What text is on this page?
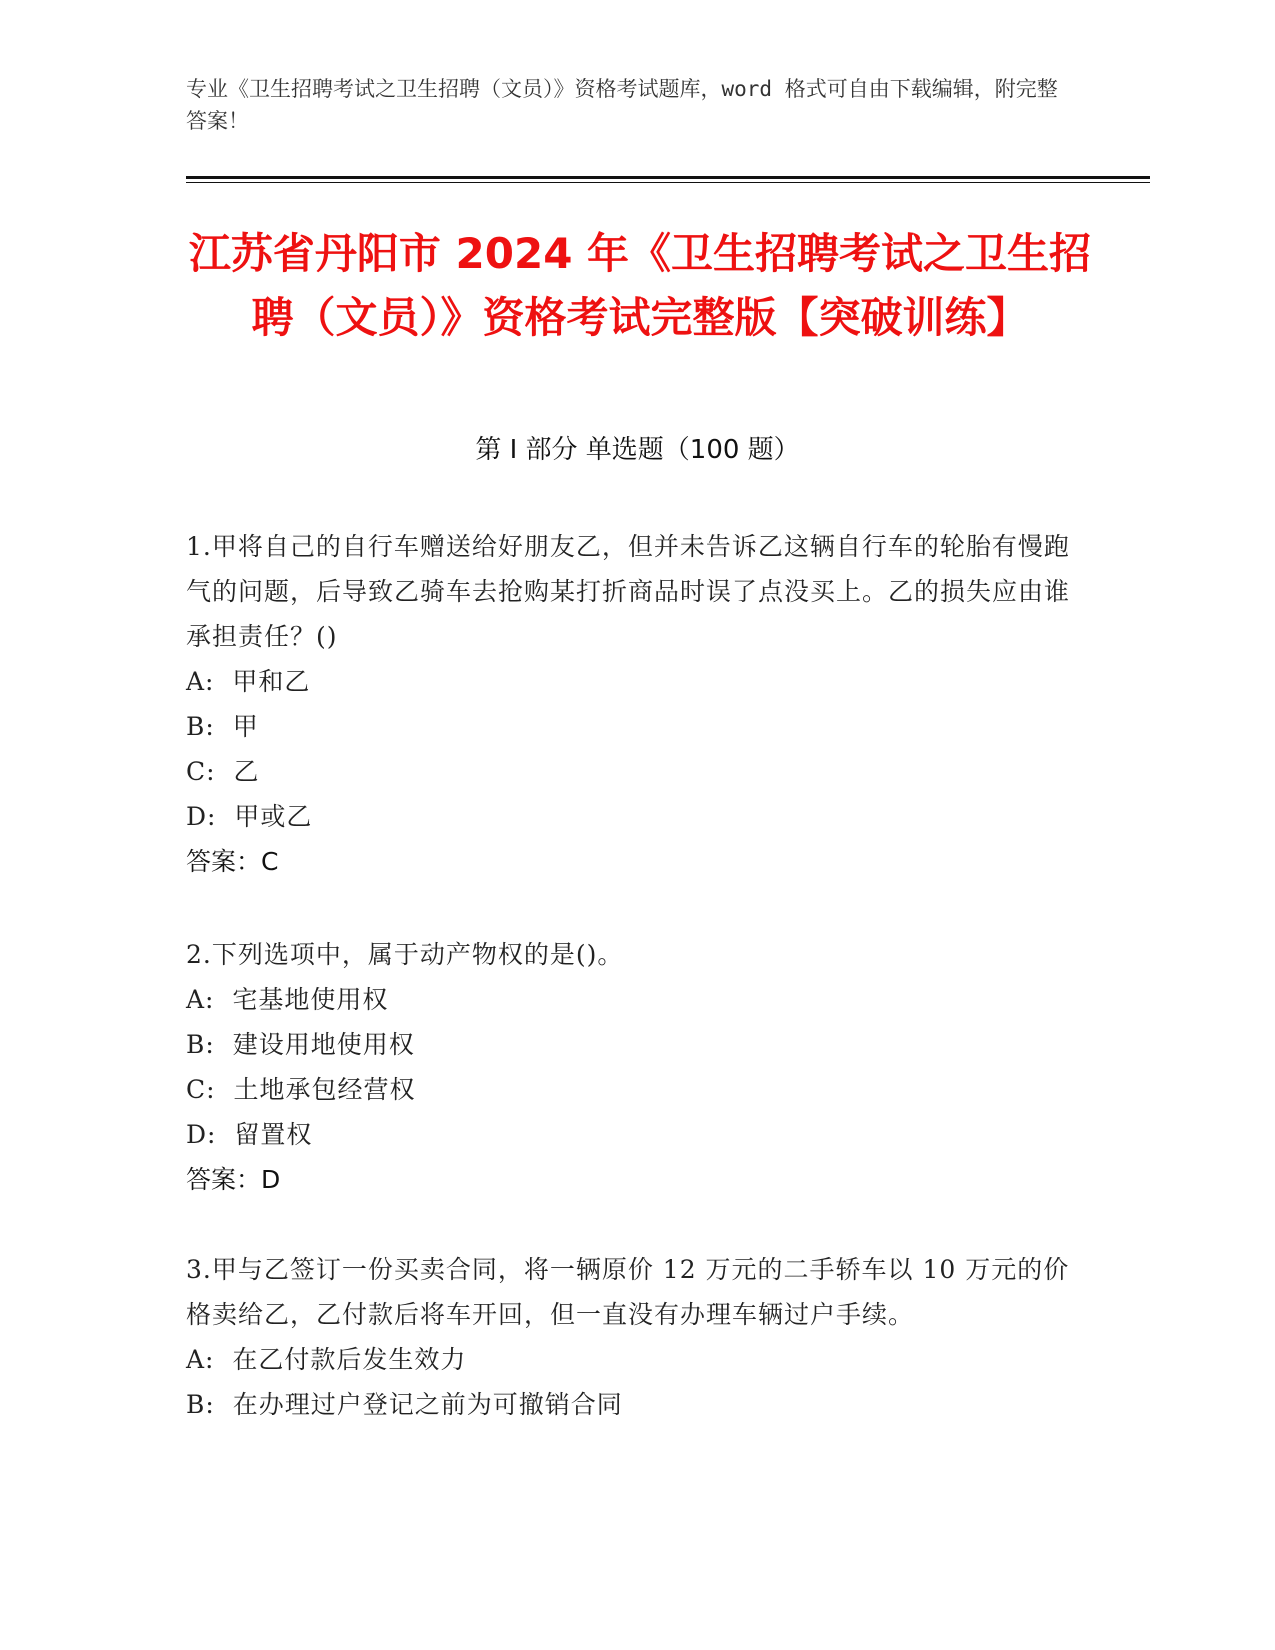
专业《卫生招聘考试之卫生招聘（文员）》资格考试题库，word 格式可自由下载编辑，附完整答案！
江苏省丹阳市 2024 年《卫生招聘考试之卫生招聘（文员）》资格考试完整版【突破训练】
第 I 部分 单选题（100 题）
1.甲将自己的自行车赠送给好朋友乙，但并未告诉乙这辆自行车的轮胎有慢跑气的问题，后导致乙骑车去抢购某打折商品时误了点没买上。乙的损失应由谁承担责任？()
A:  甲和乙
B:  甲
C:  乙
D:  甲或乙
答案：C
2.下列选项中，属于动产物权的是()。
A:  宅基地使用权
B:  建设用地使用权
C:  土地承包经营权
D:  留置权
答案：D
3.甲与乙签订一份买卖合同，将一辆原价 12 万元的二手轿车以 10 万元的价格卖给乙，乙付款后将车开回，但一直没有办理车辆过户手续。
A:  在乙付款后发生效力
B:  在办理过户登记之前为可撤销合同
